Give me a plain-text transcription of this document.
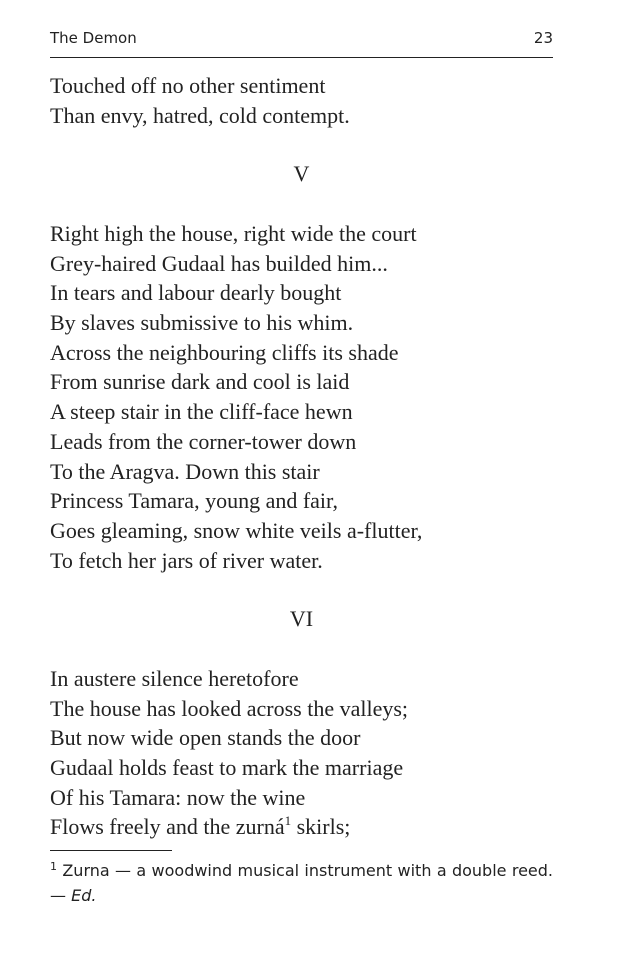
The Demon	23
Touched off no other sentiment
Than envy, hatred, cold contempt.
V
Right high the house, right wide the court
Grey-haired Gudaal has builded him...
In tears and labour dearly bought
By slaves submissive to his whim.
Across the neighbouring cliffs its shade
From sunrise dark and cool is laid
A steep stair in the cliff-face hewn
Leads from the corner-tower down
To the Aragva. Down this stair
Princess Tamara, young and fair,
Goes gleaming, snow white veils a-flutter,
To fetch her jars of river water.
VI
In austere silence heretofore
The house has looked across the valleys;
But now wide open stands the door
Gudaal holds feast to mark the marriage
Of his Tamara: now the wine
Flows freely and the zurná$^1$ skirls;
$^1$ Zurna — a woodwind musical instrument with a double reed. — Ed.
